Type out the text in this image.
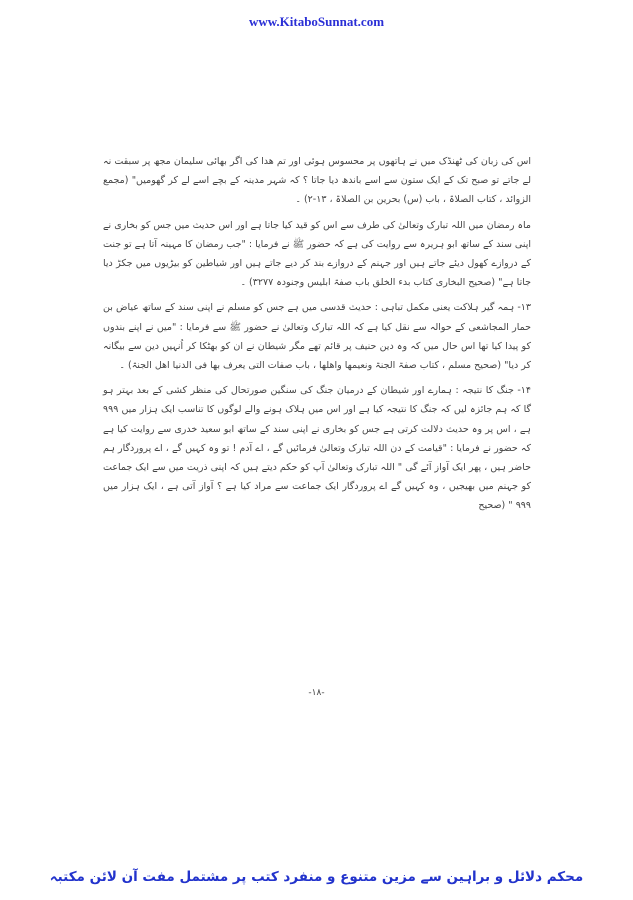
www.KitaboSunnat.com

اس کی زبان کی ٹھنڈک میں نے ہاتھوں پر محسوس ہوئی اور تم ھدا کی اگر بھائی سلیمان مجھ پر سبقت نہ لے جاتے تو صبح تک کے ایک ستون سے اسے باندھ دیا جاتا ؟ کہ شہر مدینہ کے بچے اسے لے کر گھومیں" (مجمع الزوائد ، کتاب الصلاۃ ، باب (س) بحرین بن الصلاۃ ، ۱۳-۲) ۔

ماہ رمضان میں اللہ تبارک وتعالیٰ کی طرف سے اس کو قید کیا جاتا ہے اور اس حدیث میں جس کو بخاری نے اپنی سند کے ساتھ ابو ہریرہ سے روایت کی ہے کہ حضور ﷺ نے فرمایا : "جب رمضان کا مہینہ آتا ہے تو جنت کے دروازے کھول دیئے جاتے ہیں اور جہنم کے دروازے بند کر دیے جاتے ہیں اور شیاطین کو بیڑیوں میں جکڑ دیا جاتا ہے" (صحیح البخاری کتاب بدء الخلق باب صفۃ ابلیس وجنودہ ۳۲۷۷) ۔

۱۳- ہمہ گیر ہلاکت یعنی مکمل تباہی : حدیث قدسی میں ہے جس کو مسلم نے اپنی سند کے ساتھ عیاض بن حمار المجاشعی کے حوالہ سے نقل کیا ہے کہ اللہ تبارک وتعالیٰ نے حضور ﷺ سے فرمایا : "میں نے اپنے بندوں کو پیدا کیا تھا اس حال میں کہ وہ دین حنیف پر قائم تھے مگر شیطان نے ان کو بھٹکا کر اُنہیں دین سے بیگانہ کر دیا" (صحیح مسلم ، کتاب صفۃ الجنۃ ونعیمھا واھلھا ، باب صفات التی یعرف بھا فی الدنیا اھل الجنۃ) ۔

۱۴- جنگ کا نتیجہ : ہمارے اور شیطان کے درمیان جنگ کی سنگین صورتحال کی منظر کشی کے بعد بہتر ہو گا کہ ہم جائزہ لیں کہ جنگ کا نتیجہ کیا ہے اور اس میں ہلاک ہونے والے لوگوں کا تناسب ایک ہزار میں ۹۹۹ ہے ، اس پر وہ حدیث دلالت کرتی ہے جس کو بخاری نے اپنی سند کے ساتھ ابو سعید خدری سے روایت کیا ہے کہ حضور نے فرمایا : "قیامت کے دن اللہ تبارک وتعالیٰ فرمائیں گے ، اے آدم ! تو وہ کہیں گے ، اے پروردگار ہم حاضر ہیں ، پھر ایک آواز آئے گی " اللہ تبارک وتعالیٰ آپ کو حکم دیتے ہیں کہ اپنی ذریت میں سے ایک جماعت کو جہنم میں بھیجیں ، وہ کہیں گے اے پروردگار ایک جماعت سے مراد کیا ہے ؟ آواز آتی ہے ، ایک ہزار میں ۹۹۹ " (صحیح

-۱۸-
محکم دلائل و براہین سے مزین متنوع و منفرد کتب پر مشتمل مفت آن لائن مکتبہ
